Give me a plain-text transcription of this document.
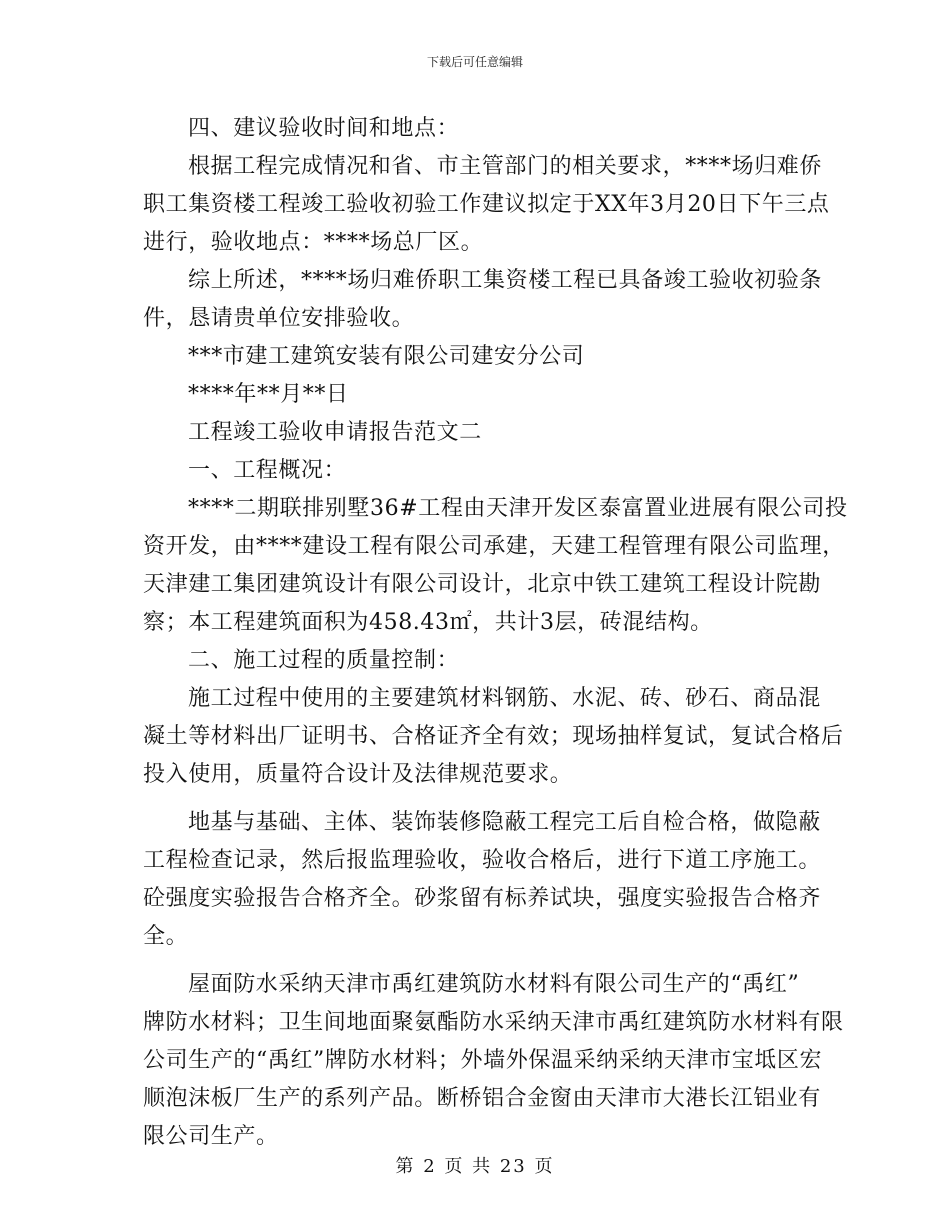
下载后可任意编辑
四、建议验收时间和地点：
根据工程完成情况和省、市主管部门的相关要求，****场归难侨
职工集资楼工程竣工验收初验工作建议拟定于XX年3月20日下午三点
进行，验收地点：****场总厂区。
综上所述，****场归难侨职工集资楼工程已具备竣工验收初验条
件，恳请贵单位安排验收。
***市建工建筑安装有限公司建安分公司
****年**月**日
工程竣工验收申请报告范文二
一、工程概况：
****二期联排别墅36#工程由天津开发区泰富置业进展有限公司投
资开发，由****建设工程有限公司承建，天建工程管理有限公司监理，
天津建工集团建筑设计有限公司设计，北京中铁工建筑工程设计院勘
察；本工程建筑面积为458.43㎡，共计3层，砖混结构。
二、施工过程的质量控制：
施工过程中使用的主要建筑材料钢筋、水泥、砖、砂石、商品混
凝土等材料出厂证明书、合格证齐全有效；现场抽样复试，复试合格后
投入使用，质量符合设计及法律规范要求。
地基与基础、主体、装饰装修隐蔽工程完工后自检合格，做隐蔽
工程检查记录，然后报监理验收，验收合格后，进行下道工序施工。
砼强度实验报告合格齐全。砂浆留有标养试块，强度实验报告合格齐
全。
屋面防水采纳天津市禹红建筑防水材料有限公司生产的“禹红”
牌防水材料；卫生间地面聚氨酯防水采纳天津市禹红建筑防水材料有限
公司生产的“禹红”牌防水材料；外墙外保温采纳采纳天津市宝坻区宏
顺泡沫板厂生产的系列产品。断桥铝合金窗由天津市大港长江铝业有
限公司生产。
第 2 页 共 23 页
